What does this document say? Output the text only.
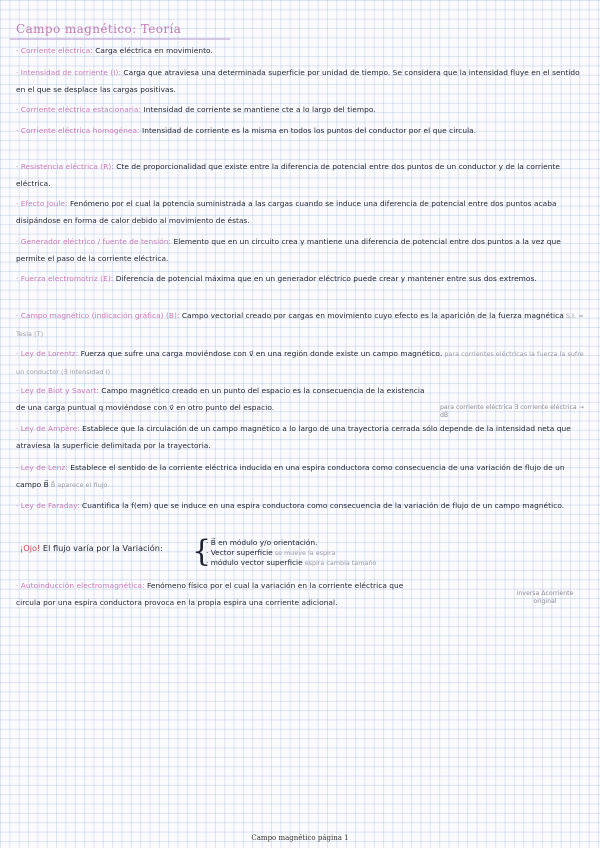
Campo magnético: Teoría
· Corriente eléctrica: Carga eléctrica en movimiento.
· Intensidad de corriente (I): Carga que atraviesa una determinada superficie por unidad de tiempo. Se considera que la intensidad fluye en el sentido en el que se desplace las cargas positivas.
· Corriente eléctrica estacionaria: Intensidad de corriente se mantiene cte a lo largo del tiempo.
· Corriente eléctrica homogénea: Intensidad de corriente es la misma en todos los puntos del conductor por el que circula.
· Resistencia eléctrica (R): Cte de proporcionalidad que existe entre la diferencia de potencial entre dos puntos de un conductor y de la corriente eléctrica.
· Efecto Joule: Fenómeno por el cual la potencia suministrada a las cargas cuando se induce una diferencia de potencial entre dos puntos acaba disipándose en forma de calor debido al movimiento de éstas.
· Generador eléctrico / fuente de tensión: Elemento que en un circuito crea y mantiene una diferencia de potencial entre dos puntos a la vez que permite el paso de la corriente eléctrica.
· Fuerza electromotriz (E): Diferencia de potencial máxima que en un generador eléctrico puede crear y mantener entre sus dos extremos.
· Campo magnético (indicación gráfica) (B): Campo vectorial creado por cargas en movimiento cuyo efecto es la aparición de la fuerza magnética S.I. = Tesla (T)
· Ley de Lorentz: Fuerza que sufre una carga moviéndose con v⃗ en una región donde existe un campo magnético. para corrientes eléctricas la fuerza la sufre un conductor (∃ intensidad I)
· Ley de Biot y Savart: Campo magnético creado en un punto del espacio es la consecuencia de la existencia de una carga puntual q moviéndose con v⃗ en otro punto del espacio.	para corriente eléctrica ∃ corriente eléctrica → dB⃗
· Ley de Ampère: Establece que la circulación de un campo magnético a lo largo de una trayectoria cerrada sólo depende de la intensidad neta que atraviesa la superficie delimitada por la trayectoria.
· Ley de Lenz: Establece el sentido de la corriente eléctrica inducida en una espira conductora como consecuencia de una variación de flujo de un campo B⃗ B⃗ aparece el flujo.
· Ley de Faraday: Cuantifica la f(em) que se induce en una espira conductora como consecuencia de la variación de flujo de un campo magnético.
¡Ojo! El flujo varía por la Variación: {
· B⃗ en módulo y/o orientación.
· Vector superficie se mueve la espira
· módulo vector superficie espira cambia tamaño
· Autoinducción electromagnética: Fenómeno físico por el cual la variación en la corriente eléctrica que circula por una espira conductora provoca en la propia espira una corriente adicional.
inversa Δcorriente original
Campo magnético página 1
